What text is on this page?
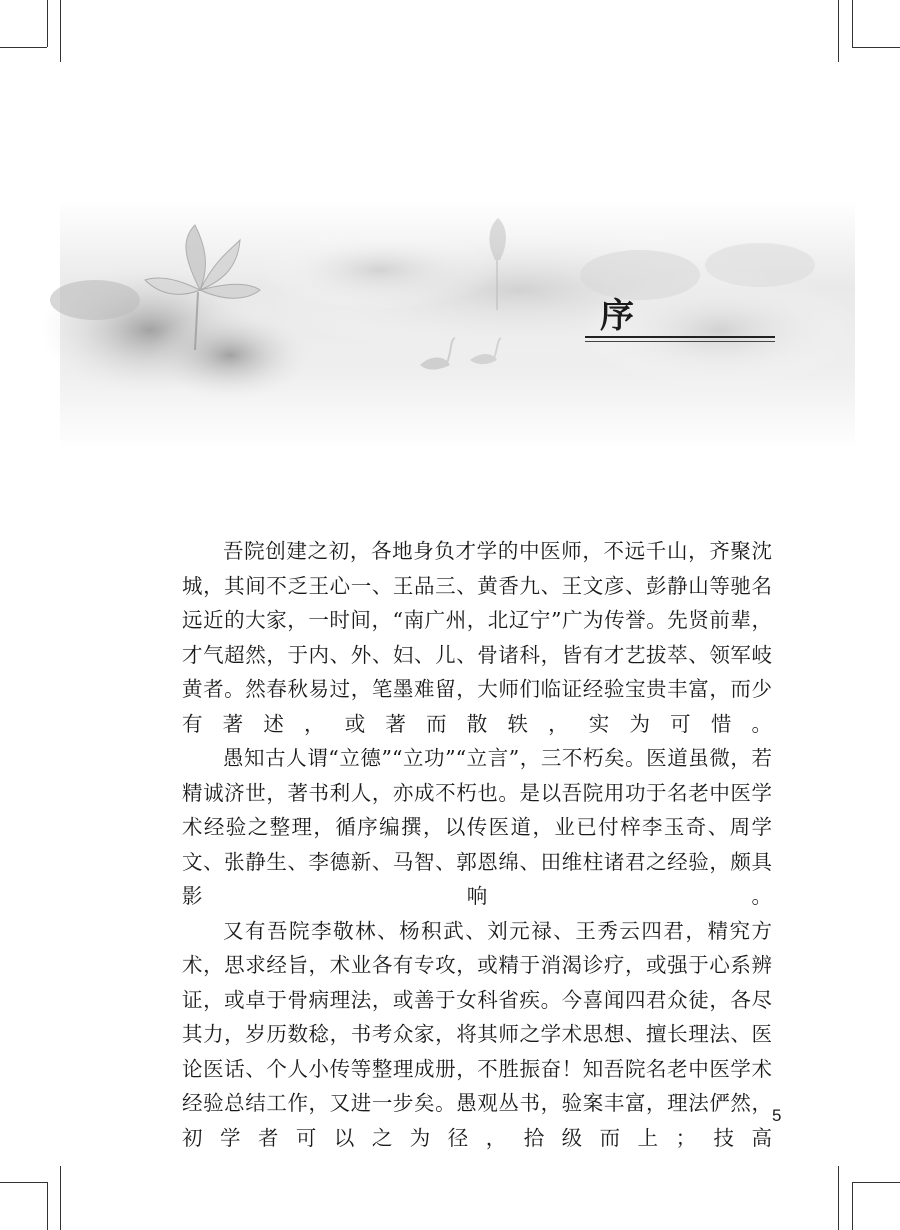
序

吾院创建之初，各地身负才学的中医师，不远千山，齐聚沈城，其间不乏王心一、王品三、黄香九、王文彦、彭静山等驰名远近的大家，一时间，“南广州，北辽宁”广为传誉。先贤前辈，才气超然，于内、外、妇、儿、骨诸科，皆有才艺拔萃、领军岐黄者。然春秋易过，笔墨难留，大师们临证经验宝贵丰富，而少有著述，或著而散轶，实为可惜。

愚知古人谓“立德”“立功”“立言”，三不朽矣。医道虽微，若精诚济世，著书利人，亦成不朽也。是以吾院用功于名老中医学术经验之整理，循序编撰，以传医道，业已付梓李玉奇、周学文、张静生、李德新、马智、郭恩绵、田维柱诸君之经验，颇具影响。

又有吾院李敬林、杨积武、刘元禄、王秀云四君，精究方术，思求经旨，术业各有专攻，或精于消渴诊疗，或强于心系辨证，或卓于骨病理法，或善于女科省疾。今喜闻四君众徒，各尽其力，岁历数稔，书考众家，将其师之学术思想、擅长理法、医论医话、个人小传等整理成册，不胜振奋！知吾院名老中医学术经验总结工作，又进一步矣。愚观丛书，验案丰富，理法俨然，初学者可以之为径，拾级而上；技高

5
